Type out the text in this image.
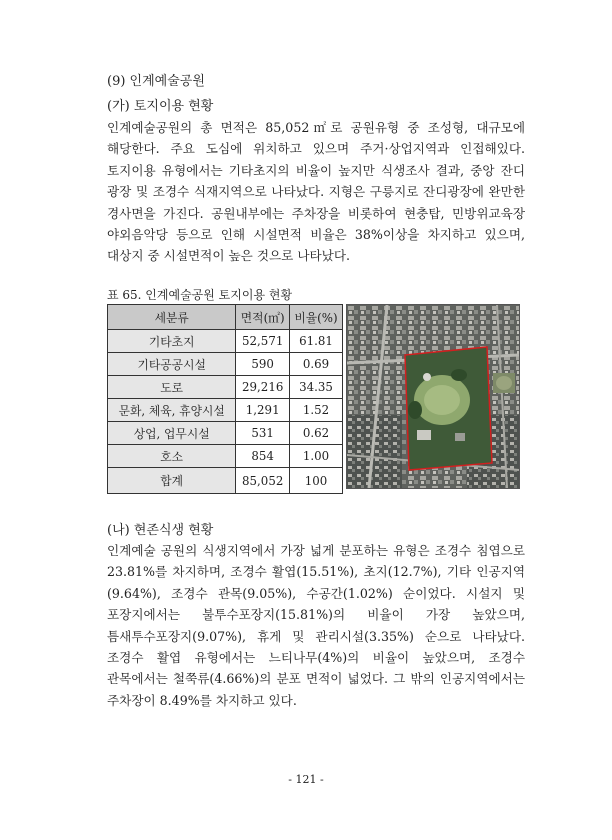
(9) 인계예술공원
(가) 토지이용 현황

인계예술공원의 총 면적은 85,052㎡로 공원유형 중 조성형, 대규모에 해당한다. 주요 도심에 위치하고 있으며 주거·상업지역과 인접해있다. 토지이용 유형에서는 기타초지의 비율이 높지만 식생조사 결과, 중앙 잔디 광장 및 조경수 식재지역으로 나타났다. 지형은 구릉지로 잔디광장에 완만한 경사면을 가진다. 공원내부에는 주차장을 비롯하여 현충탑, 민방위교육장 야외음악당 등으로 인해 시설면적 비율은 38%이상을 차지하고 있으며, 대상지 중 시설면적이 높은 것으로 나타났다.

표 65. 인계예술공원 토지이용 현황
세분류	면적(㎡)	비율(%)
기타초지	52,571	61.81
기타공공시설	590	0.69
도로	29,216	34.35
문화, 체육, 휴양시설	1,291	1.52
상업, 업무시설	531	0.62
호소	854	1.00
합계	85,052	100
(나) 현존식생 현황

인계예술 공원의 식생지역에서 가장 넓게 분포하는 유형은 조경수 침엽으로 23.81%를 차지하며, 조경수 활엽(15.51%), 초지(12.7%), 기타 인공지역(9.64%), 조경수 관목(9.05%), 수공간(1.02%) 순이었다. 시설지 및 포장지에서는 불투수포장지(15.81%)의 비율이 가장 높았으며, 틈새투수포장지(9.07%), 휴게 및 관리시설(3.35%) 순으로 나타났다. 조경수 활엽 유형에서는 느티나무(4%)의 비율이 높았으며, 조경수 관목에서는 철쭉류(4.66%)의 분포 면적이 넓었다. 그 밖의 인공지역에서는 주차장이 8.49%를 차지하고 있다.

- 121 -
